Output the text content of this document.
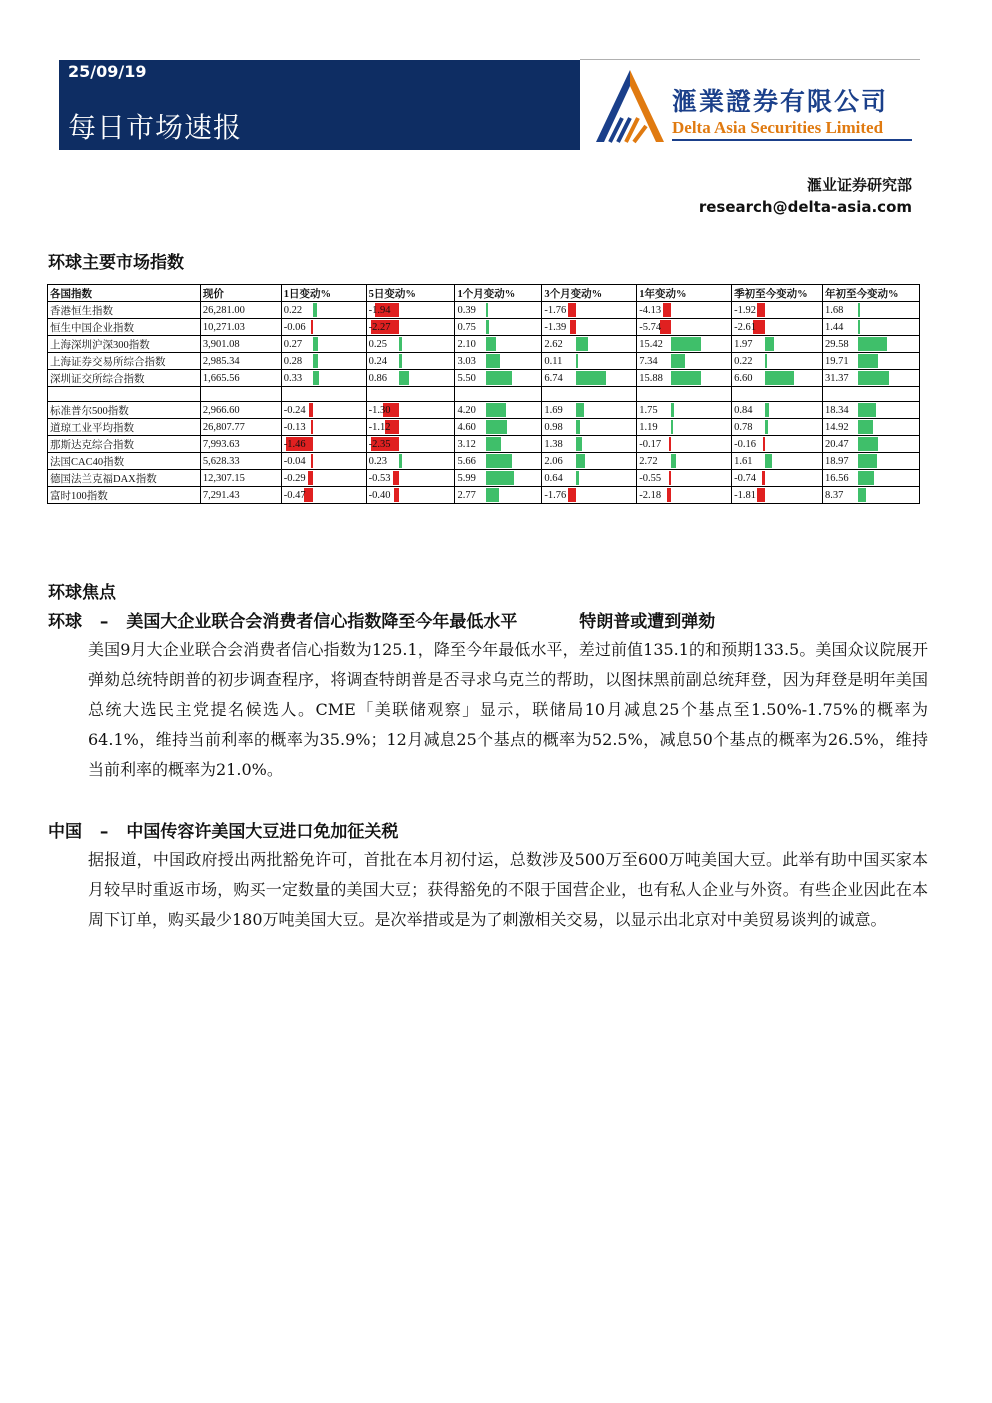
25/09/19
每日市场速报
滙業證券有限公司
Delta Asia Securities Limited
滙业证券研究部
research@delta-asia.com
环球主要市场指数
各国指数	现价	1日变动%	5日变动%	1个月变动%	3个月变动%	1年变动%	季初至今变动%	年初至今变动%
香港恒生指数	26,281.00	0.22	-1.94	0.39	-1.76	-4.13	-1.92	1.68

恒生中国企业指数	10,271.03	-0.06	-2.27	0.75	-1.39	-5.74	-2.61	1.44

上海深圳沪深300指数	3,901.08	0.27	0.25	2.10	2.62	15.42	1.97	29.58

上海证券交易所综合指数	2,985.34	0.28	0.24	3.03	0.11	7.34	0.22	19.71

深圳证交所综合指数	1,665.56	0.33	0.86	5.50	6.74	15.88	6.60	31.37

标准普尔500指数	2,966.60	-0.24	-1.30	4.20	1.69	1.75	0.84	18.34

道琼工业平均指数	26,807.77	-0.13	-1.12	4.60	0.98	1.19	0.78	14.92

那斯达克综合指数	7,993.63	-1.46	-2.35	3.12	1.38	-0.17	-0.16	20.47

法国CAC40指数	5,628.33	-0.04	0.23	5.66	2.06	2.72	1.61	18.97

德国法兰克福DAX指数	12,307.15	-0.29	-0.53	5.99	0.64	-0.55	-0.74	16.56

富时100指数	7,291.43	-0.47	-0.40	2.77	-1.76	-2.18	-1.81	8.37
环球焦点
环球 – 美国大企业联合会消费者信心指数降至今年最低水平	特朗普或遭到弹劾
美国9月大企业联合会消费者信心指数为125.1，降至今年最低水平，差过前值135.1的和预期133.5。美国众议院展开弹劾总统特朗普的初步调查程序，将调查特朗普是否寻求乌克兰的帮助，以图抹黑前副总统拜登，因为拜登是明年美国总统大选民主党提名候选人。CME「美联储观察」显示，联储局10月减息25个基点至1.50%-1.75%的概率为64.1%，维持当前利率的概率为35.9%；12月减息25个基点的概率为52.5%，减息50个基点的概率为26.5%，维持当前利率的概率为21.0%。
中国 – 中国传容许美国大豆进口免加征关税
据报道，中国政府授出两批豁免许可，首批在本月初付运，总数涉及500万至600万吨美国大豆。此举有助中国买家本月较早时重返市场，购买一定数量的美国大豆；获得豁免的不限于国营企业，也有私人企业与外资。有些企业因此在本周下订单，购买最少180万吨美国大豆。是次举措或是为了刺激相关交易，以显示出北京对中美贸易谈判的诚意。
